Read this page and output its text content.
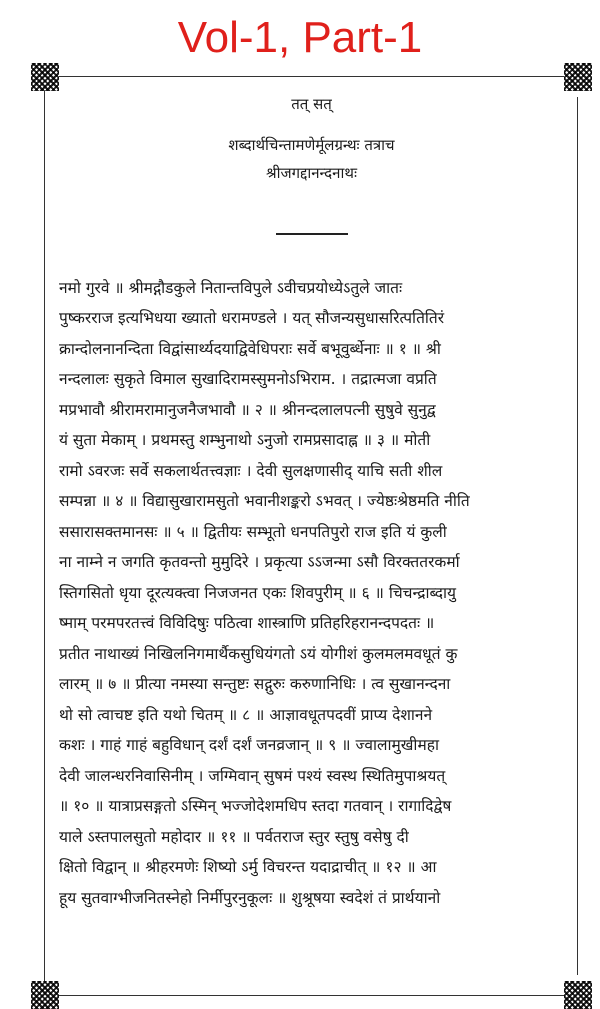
Vol-1, Part-1
तत् सत्
शब्दार्थचिन्तामणेर्मूलग्रन्थः तत्राच
श्रीजगद्दानन्दनाथः
नमो गुरवे ॥ श्रीमद्गौडकुले नितान्तविपुले ऽवीचप्रयोध्येऽतुले जातः
पुष्करराज इत्यभिधया ख्यातो धरामण्डले । यत् सौजन्यसुधासरित्पतितिरं
क्रान्दोलनानन्दिता विद्वांसार्थ्यदयाद्विवेधिपराः सर्वे बभूवुर्ब्धेनाः ॥ १ ॥ श्री
नन्दलालः सुकृते विमाल सुखादिरामस्सुमनोऽभिराम. । तद्रात्मजा वप्रति
मप्रभावौ श्रीरामरामानुजनैजभावौ ॥ २ ॥ श्रीनन्दलालपत्नी सुषुवे सुनुद्व
यं सुता मेकाम् । प्रथमस्तु शम्भुनाथो ऽनुजो रामप्रसादाह्न ॥ ३ ॥ मोती
रामो ऽवरजः सर्वे सकलार्थतत्त्वज्ञाः । देवी सुलक्षणासीद् याचि सती शील
सम्पन्ना ॥ ४ ॥ विद्यासुखारामसुतो भवानीशङ्करो ऽभवत् । ज्येष्ठःश्रेष्ठमति नीति
ससारासक्तमानसः ॥ ५ ॥ द्वितीयः सम्भूतो धनपतिपुरो राज इति यं कुली
ना नाम्ने न जगति कृतवन्तो मुमुदिरे । प्रकृत्या ऽऽजन्मा ऽसौ विरक्ततरकर्मा
स्तिगसितो धृया दूरत्यक्त्वा निजजनत एकः शिवपुरीम् ॥ ६ ॥ चिचन्द्राब्दायु
ष्माम् परमपरतत्त्वं विविदिषुः पठित्वा शास्त्राणि प्रतिहरिहरानन्दपदतः ॥
प्रतीत नाथाख्यं निखिलनिगमार्थैकसुधियंगतो ऽयं योगीशं कुलमलमवधूतं कु
लारम् ॥ ७ ॥ प्रीत्या नमस्या सन्तुष्टः सद्गुरुः करुणानिधिः । त्व सुखानन्दना
थो सो त्वाचष्ट इति यथो चितम् ॥ ८ ॥ आज्ञावधूतपदवीं प्राप्य देशानने
कशः । गाहं गाहं बहुविधान् दर्शं दर्शं जनव्रजान् ॥ ९ ॥ ज्वालामुखीमहा
देवी जालन्धरनिवासिनीम् । जग्मिवान् सुषमं पश्यं स्वस्थ स्थितिमुपाश्रयत्
॥ १० ॥ यात्राप्रसङ्गतो ऽस्मिन् भज्जोदेशमधिप स्तदा गतवान् । रागादिद्वेष
याले ऽस्तपालसुतो महोदार ॥ ११ ॥ पर्वतराज स्तुर स्तुषु वसेषु दी
क्षितो विद्वान् ॥ श्रीहरमणेः शिष्यो ऽर्मु विचरन्त यदाद्राचीत् ॥ १२ ॥ आ
हूय सुतवाग्भीजनितस्नेहो निर्मीपुरनुकूलः ॥ शुश्रूषया स्वदेशं तं प्रार्थयानो
